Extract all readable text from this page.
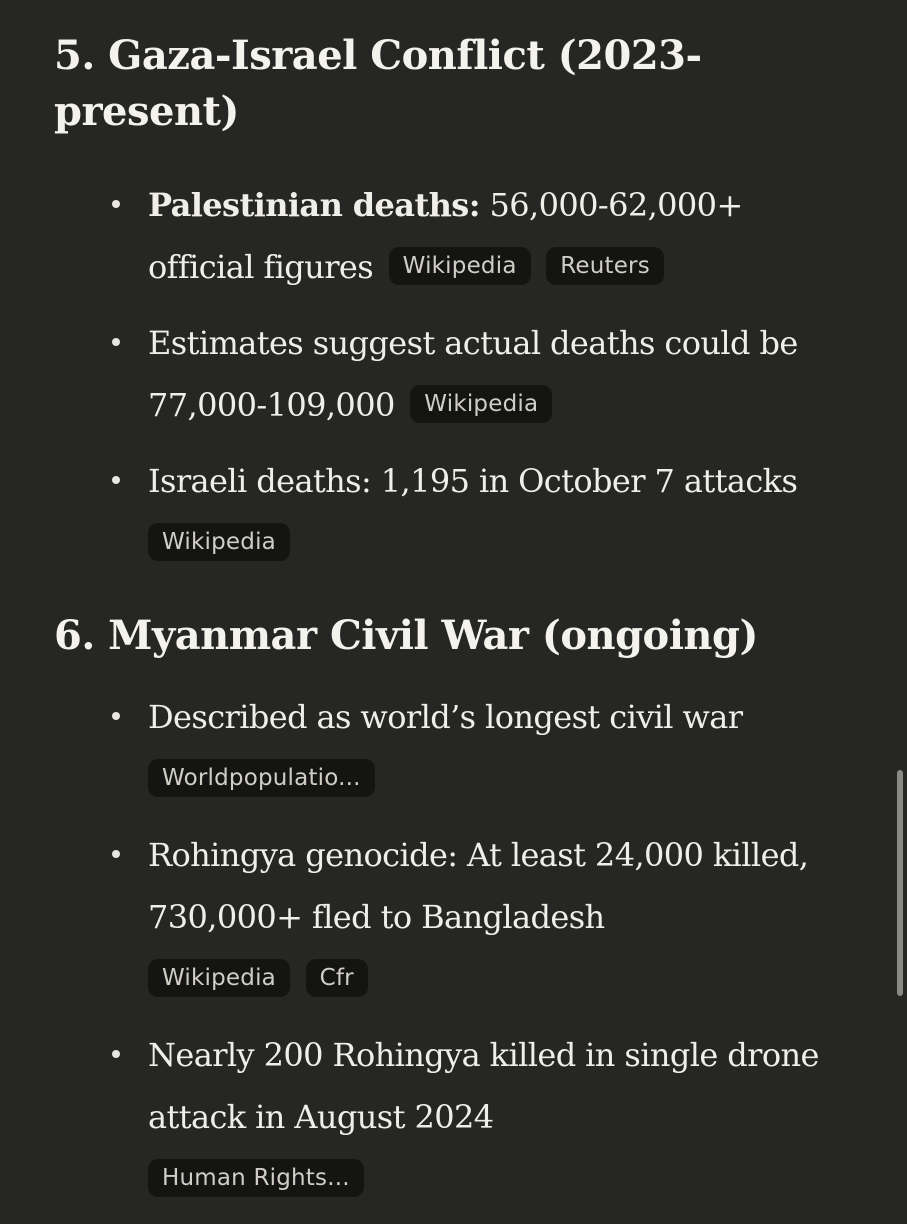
5. Gaza-Israel Conflict (2023-present)
Palestinian deaths: 56,000-62,000+ official figures Wikipedia Reuters
Estimates suggest actual deaths could be 77,000-109,000 Wikipedia
Israeli deaths: 1,195 in October 7 attacks
Wikipedia
6. Myanmar Civil War (ongoing)
Described as world’s longest civil war
Worldpopulatio...
Rohingya genocide: At least 24,000 killed, 730,000+ fled to Bangladesh
Wikipedia Cfr
Nearly 200 Rohingya killed in single drone attack in August 2024
Human Rights...
